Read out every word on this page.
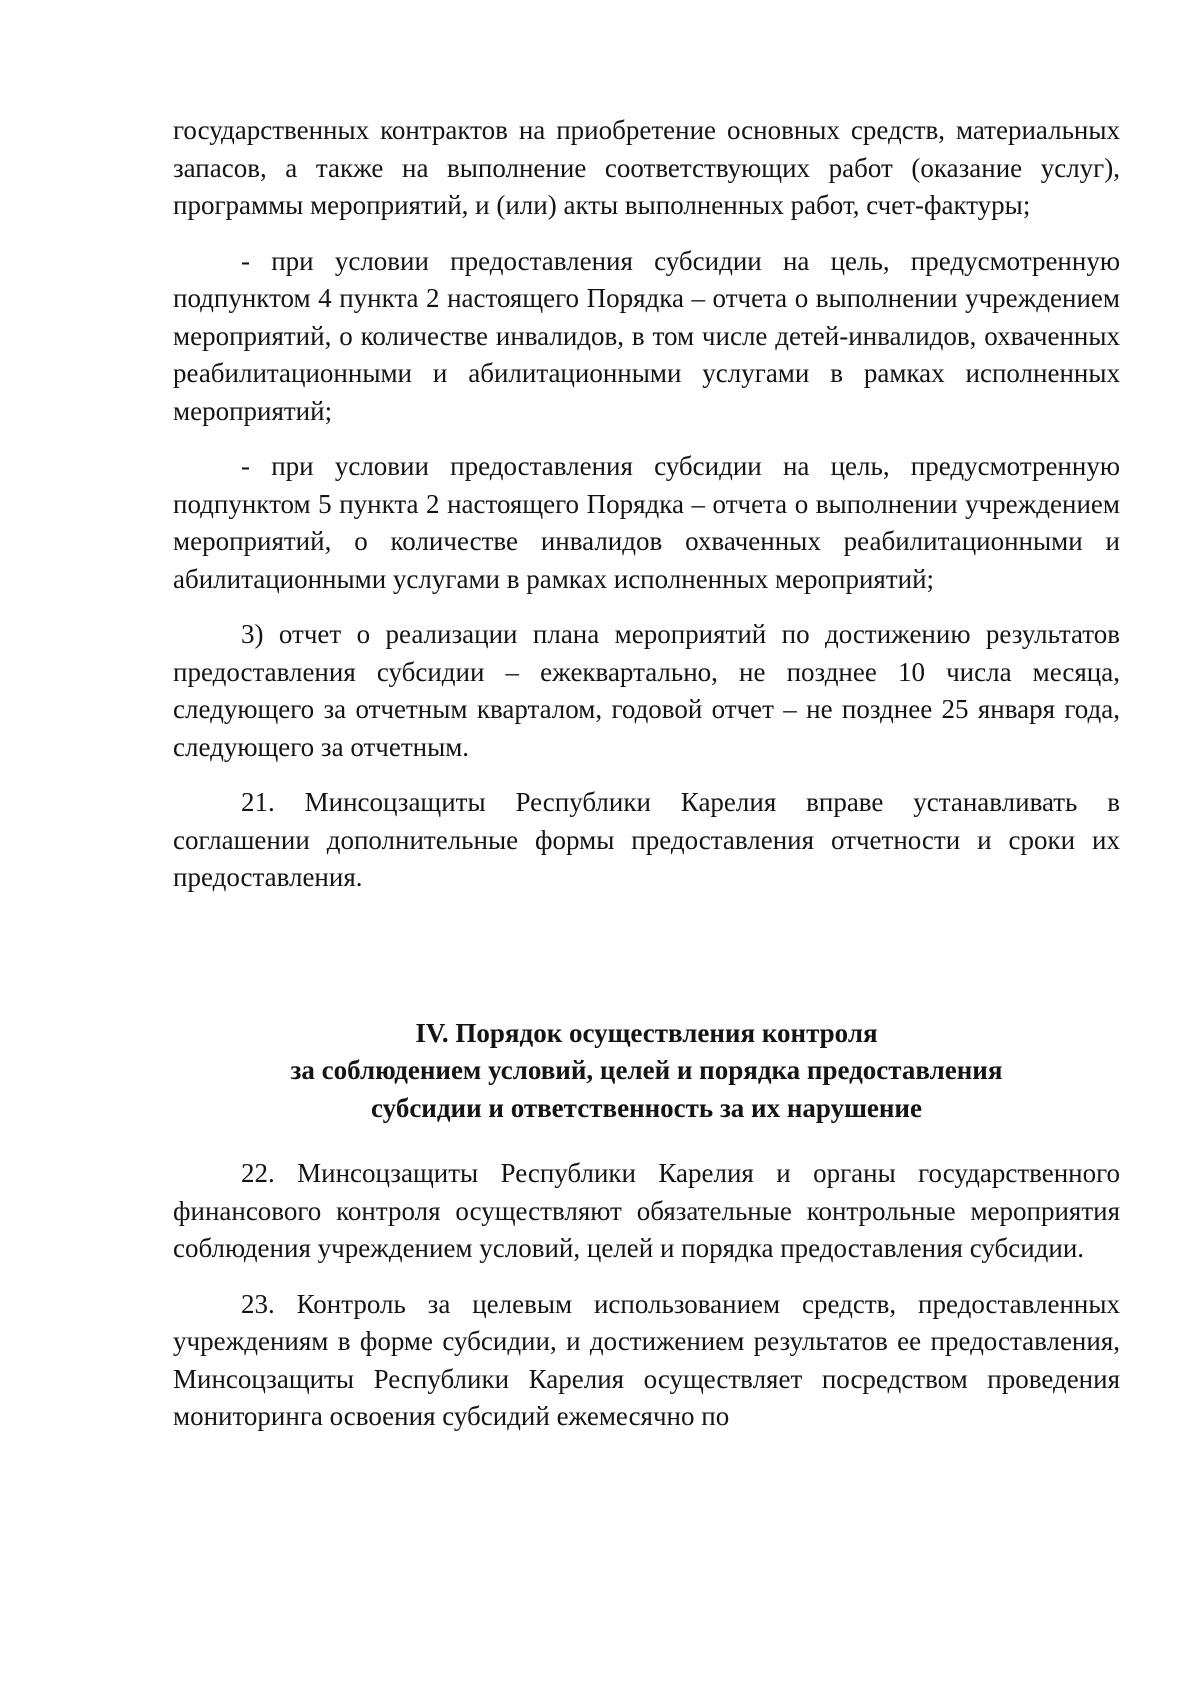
государственных контрактов на приобретение основных средств, материальных запасов, а также на выполнение соответствующих работ (оказание услуг), программы мероприятий, и (или) акты выполненных работ, счет-фактуры;

- при условии предоставления субсидии на цель, предусмотренную подпунктом 4 пункта 2 настоящего Порядка – отчета о выполнении учреждением мероприятий, о количестве инвалидов, в том числе детей-инвалидов, охваченных реабилитационными и абилитационными услугами в рамках исполненных мероприятий;

- при условии предоставления субсидии на цель, предусмотренную подпунктом 5 пункта 2 настоящего Порядка – отчета о выполнении учреждением мероприятий, о количестве инвалидов охваченных реабилитационными и абилитационными услугами в рамках исполненных мероприятий;

3) отчет о реализации плана мероприятий по достижению результатов предоставления субсидии – ежеквартально, не позднее 10 числа месяца, следующего за отчетным кварталом, годовой отчет – не позднее 25 января года, следующего за отчетным.

21. Минсоцзащиты Республики Карелия вправе устанавливать в соглашении дополнительные формы предоставления отчетности и сроки их предоставления.

IV. Порядок осуществления контроля
за соблюдением условий, целей и порядка предоставления
субсидии и ответственность за их нарушение

22. Минсоцзащиты Республики Карелия и органы государственного финансового контроля осуществляют обязательные контрольные мероприятия соблюдения учреждением условий, целей и порядка предоставления субсидии.

23. Контроль за целевым использованием средств, предоставленных учреждениям в форме субсидии, и достижением результатов ее предоставления, Минсоцзащиты Республики Карелия осуществляет посредством проведения мониторинга освоения субсидий ежемесячно по
